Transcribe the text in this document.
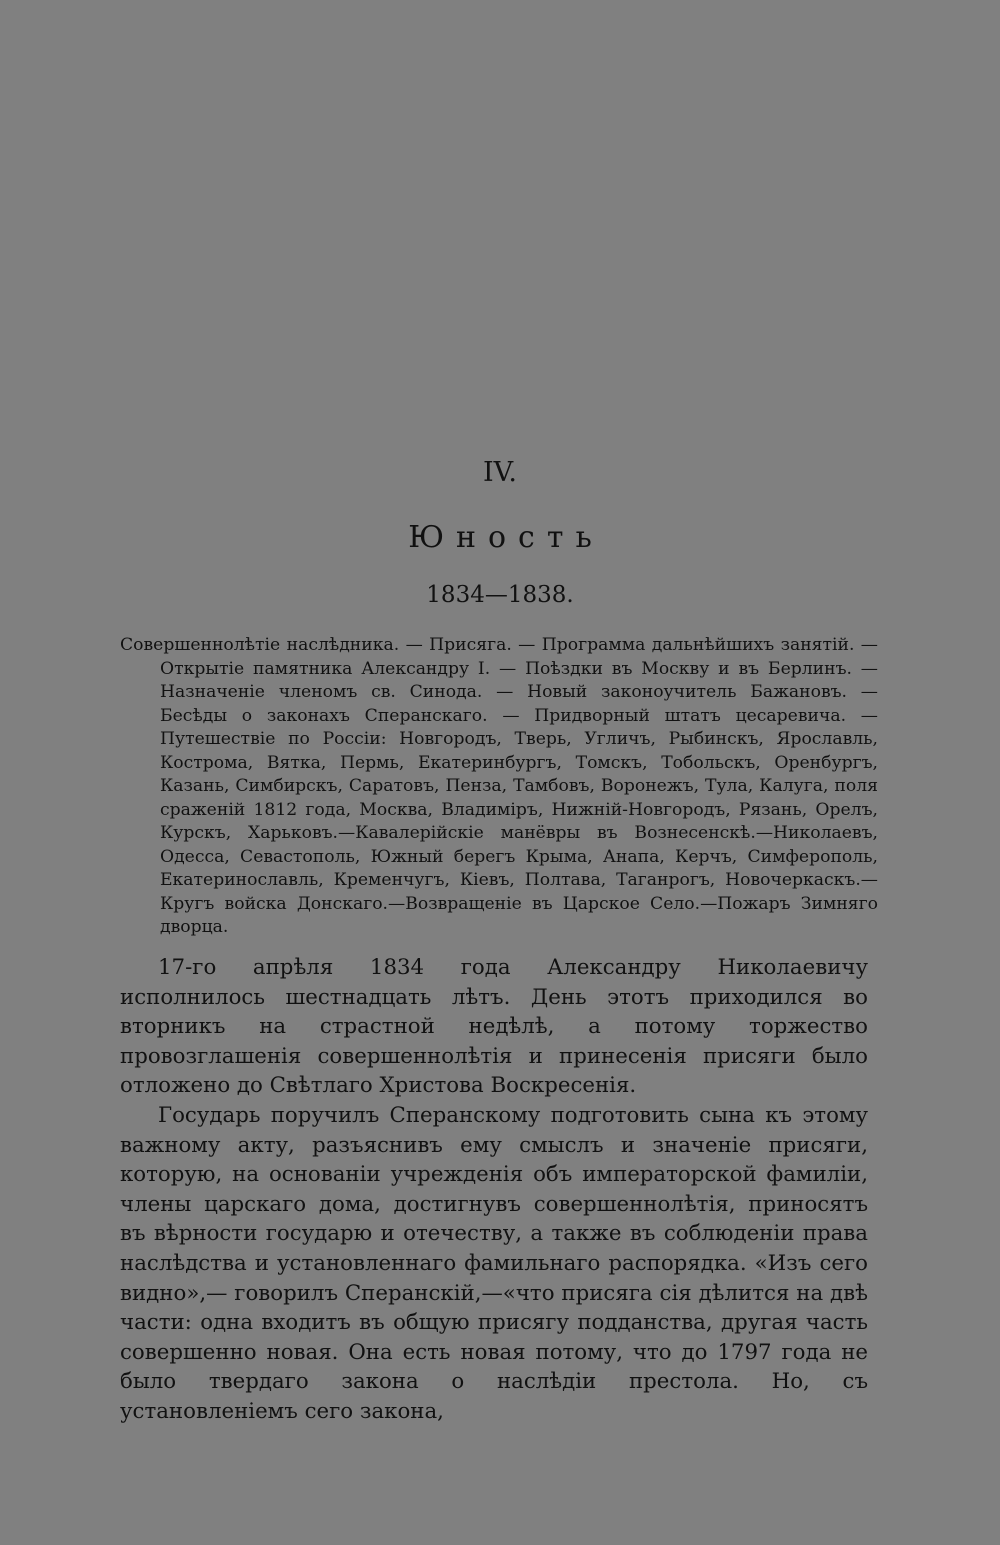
IV.
Юность
1834—1838.

Совершеннолѣтіе наслѣдника. — Присяга. — Программа дальнѣйшихъ занятій. — Открытіе памятника Александру I. — Поѣздки въ Москву и въ Берлинъ. — Назначеніе членомъ св. Синода. — Новый законоучитель Бажановъ. — Бесѣды о законахъ Сперанскаго. — Придворный штатъ цесаревича. — Путешествіе по Россіи: Новгородъ, Тверь, Угличъ, Рыбинскъ, Ярославль, Кострома, Вятка, Пермь, Екатеринбургъ, Томскъ, Тобольскъ, Оренбургъ, Казань, Симбирскъ, Саратовъ, Пенза, Тамбовъ, Воронежъ, Тула, Калуга, поля сраженій 1812 года, Москва, Владиміръ, Нижній-Новгородъ, Рязань, Орелъ, Курскъ, Харьковъ.—Кавалерійскіе манёвры въ Вознесенскѣ.—Николаевъ, Одесса, Севастополь, Южный берегъ Крыма, Анапа, Керчъ, Симферополь, Екатеринославль, Кременчугъ, Кіевъ, Полтава, Таганрогъ, Новочеркаскъ.—Кругъ войска Донскаго.—Возвращеніе въ Царское Село.—Пожаръ Зимняго дворца.

17-го апрѣля 1834 года Александру Николаевичу исполнилось шестнадцать лѣтъ. День этотъ приходился во вторникъ на страстной недѣлѣ, а потому торжество провозглашенія совершеннолѣтія и принесенія присяги было отложено до Свѣтлаго Христова Воскресенія.

Государь поручилъ Сперанскому подготовить сына къ этому важному акту, разъяснивъ ему смыслъ и значеніе присяги, которую, на основаніи учрежденія объ императорской фамиліи, члены царскаго дома, достигнувъ совершеннолѣтія, приносятъ въ вѣрности государю и отечеству, а также въ соблюденіи права наслѣдства и установленнаго фамильнаго распорядка. «Изъ сего видно»,— говорилъ Сперанскій,—«что присяга сія дѣлится на двѣ части: одна входитъ въ общую присягу подданства, другая часть совершенно новая. Она есть новая потому, что до 1797 года не было твердаго закона о наслѣдіи престола. Но, съ установленіемъ сего закона,
